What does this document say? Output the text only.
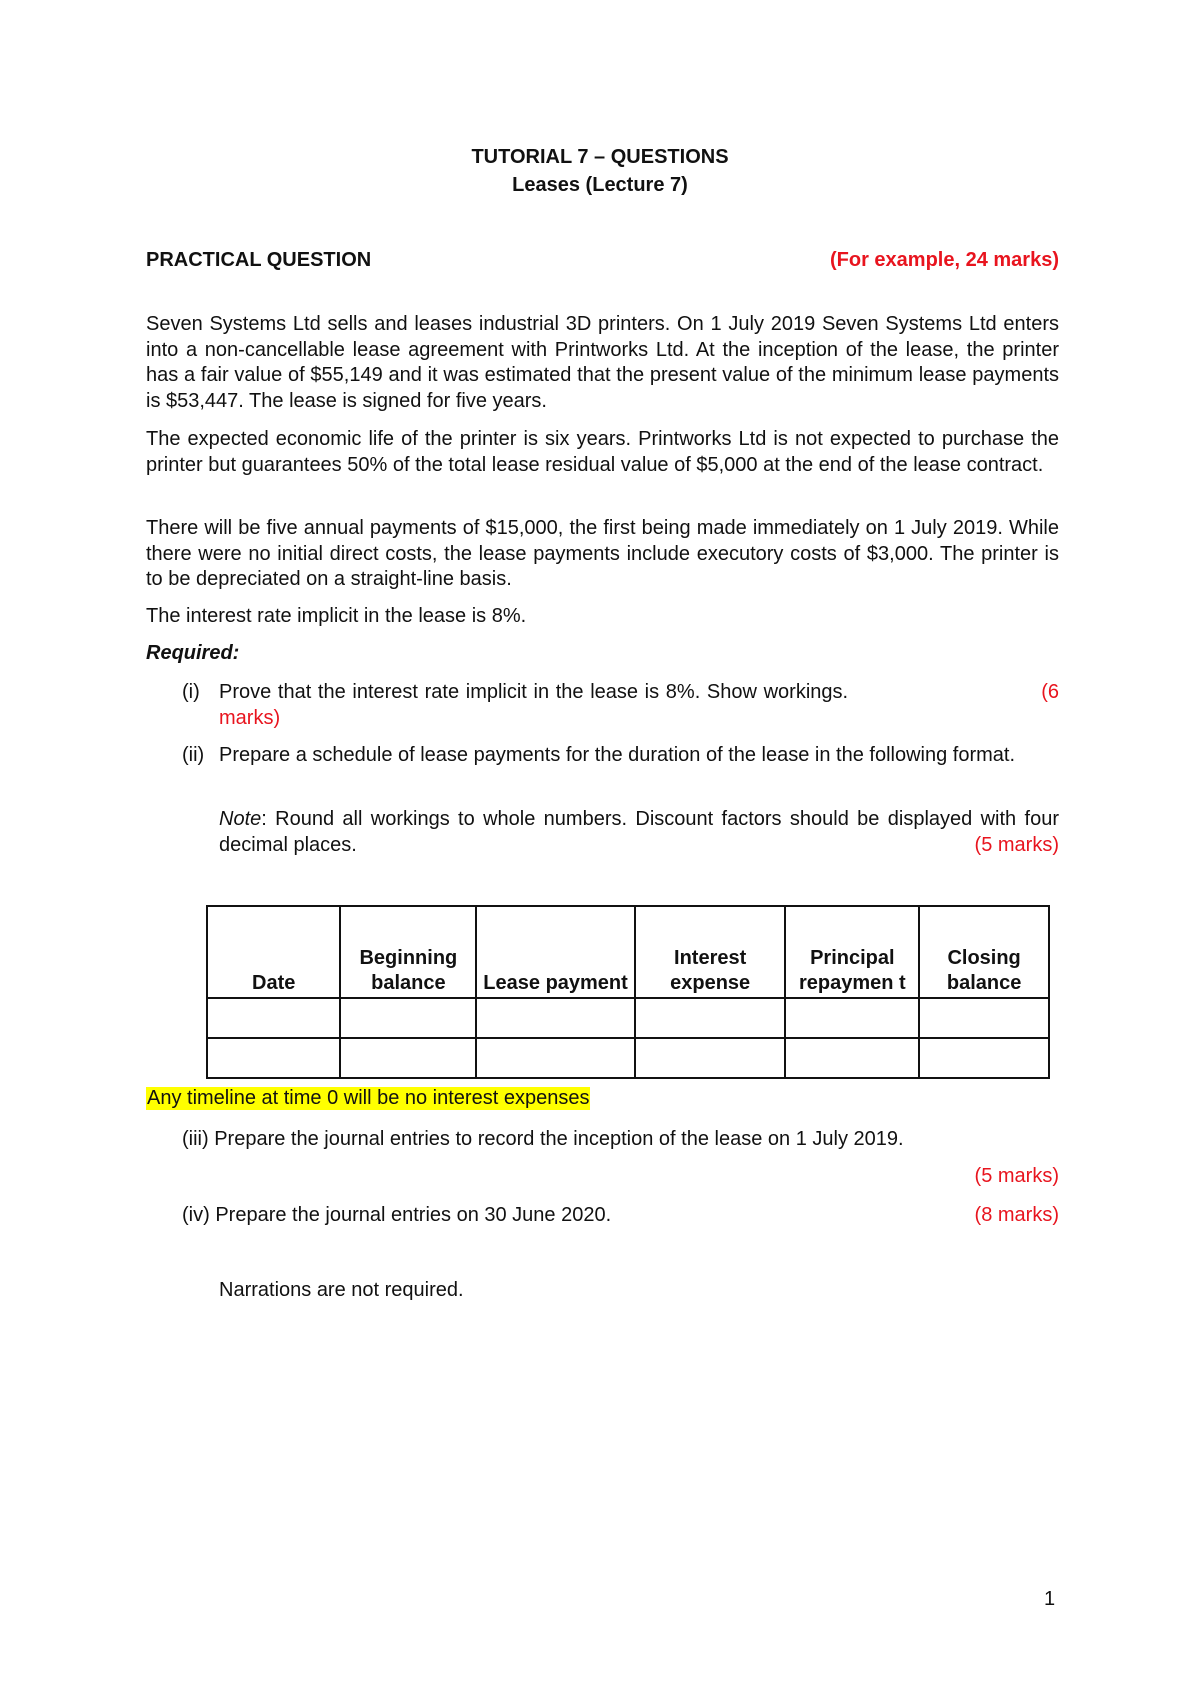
TUTORIAL 7 – QUESTIONS
Leases (Lecture 7)
PRACTICAL QUESTION	(For example, 24 marks)
Seven Systems Ltd sells and leases industrial 3D printers. On 1 July 2019 Seven Systems Ltd enters into a non-cancellable lease agreement with Printworks Ltd. At the inception of the lease, the printer has a fair value of $55,149 and it was estimated that the present value of the minimum lease payments is $53,447. The lease is signed for five years.
The expected economic life of the printer is six years. Printworks Ltd is not expected to purchase the printer but guarantees 50% of the total lease residual value of $5,000 at the end of the lease contract.
There will be five annual payments of $15,000, the first being made immediately on 1 July 2019. While there were no initial direct costs, the lease payments include executory costs of $3,000. The printer is to be depreciated on a straight-line basis.
The interest rate implicit in the lease is 8%.
Required:
(i) Prove that the interest rate implicit in the lease is 8%. Show workings.	(6 marks)
(ii) Prepare a schedule of lease payments for the duration of the lease in the following format.
Note: Round all workings to whole numbers. Discount factors should be displayed with four decimal places.	(5 marks)
Date	Beginning balance	Lease payment	Interest expense	Principal repaymen t	Closing balance

Any timeline at time 0 will be no interest expenses
(iii) Prepare the journal entries to record the inception of the lease on 1 July 2019.
(5 marks)
(iv) Prepare the journal entries on 30 June 2020.	(8 marks)
Narrations are not required.
1
